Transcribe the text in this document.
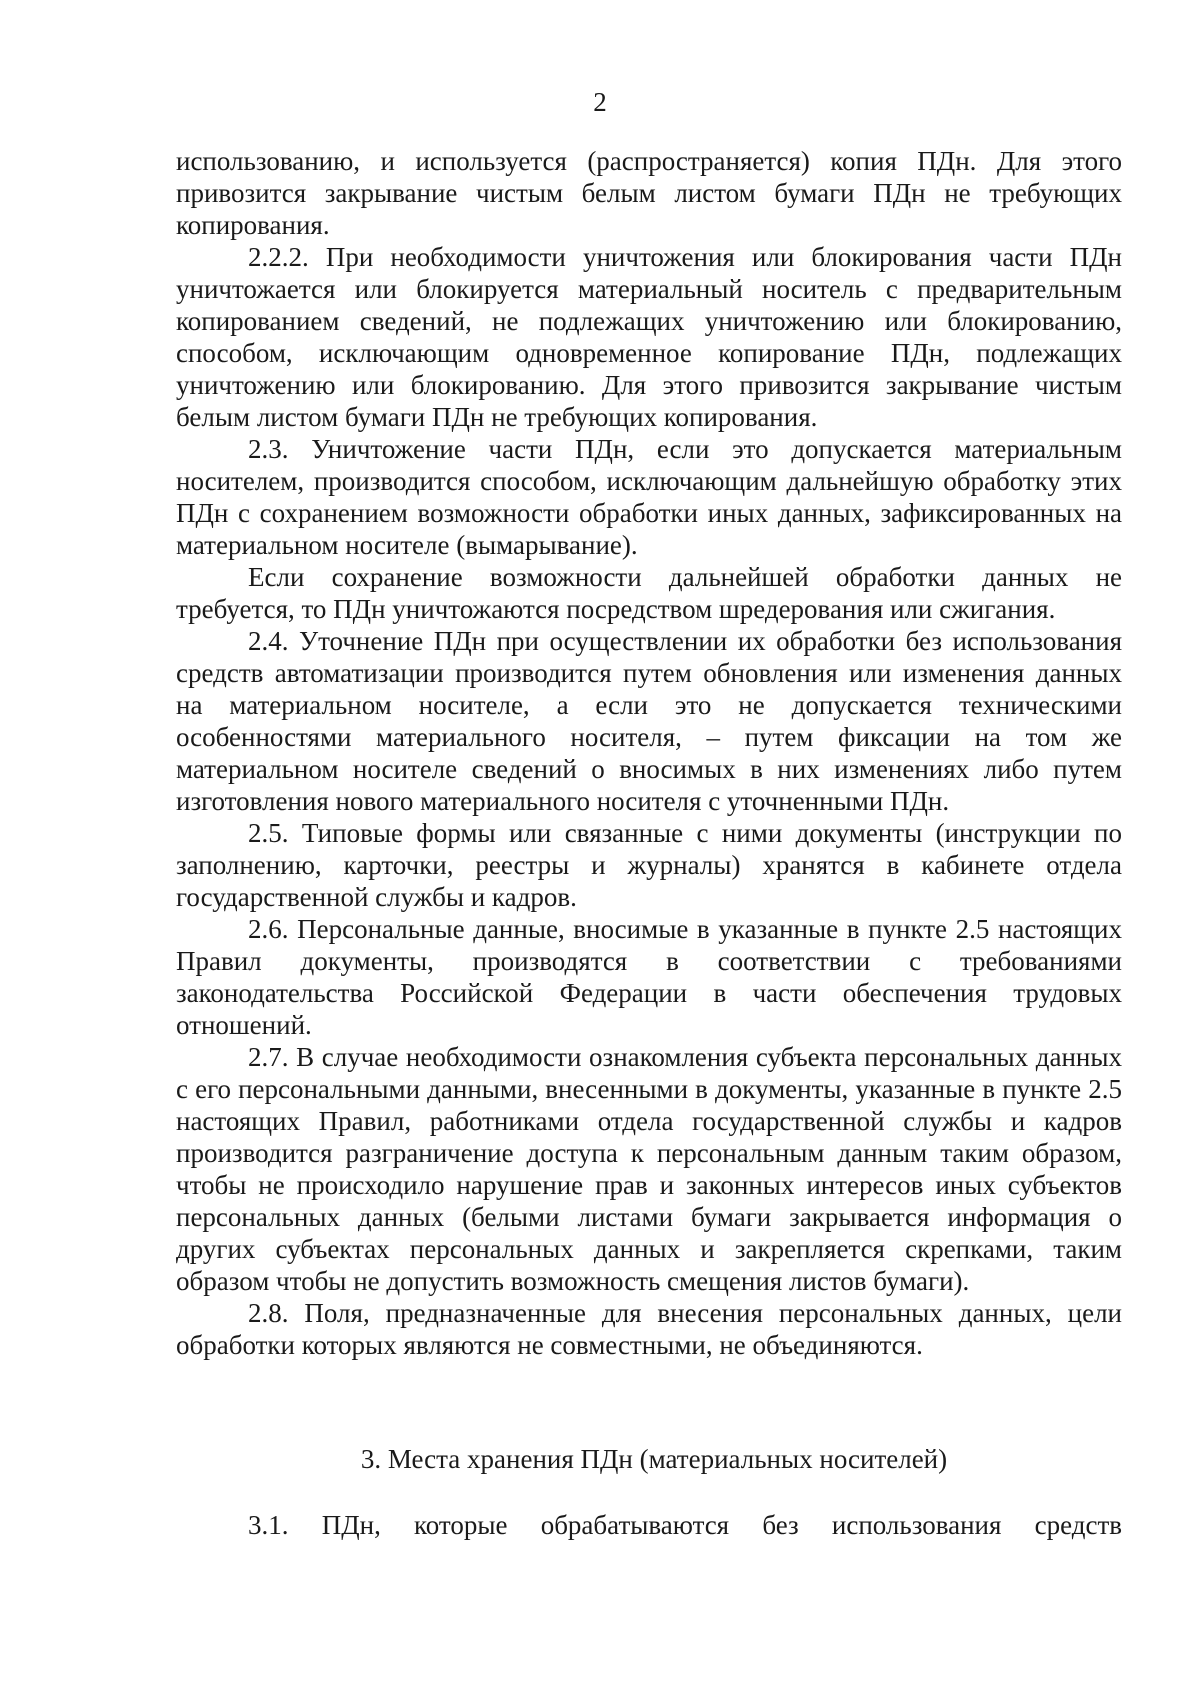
2

использованию, и используется (распространяется) копия ПДн. Для этого привозится закрывание чистым белым листом бумаги ПДн не требующих копирования.

2.2.2. При необходимости уничтожения или блокирования части ПДн уничтожается или блокируется материальный носитель с предварительным копированием сведений, не подлежащих уничтожению или блокированию, способом, исключающим одновременное копирование ПДн, подлежащих уничтожению или блокированию. Для этого привозится закрывание чистым белым листом бумаги ПДн не требующих копирования.

2.3. Уничтожение части ПДн, если это допускается материальным носителем, производится способом, исключающим дальнейшую обработку этих ПДн с сохранением возможности обработки иных данных, зафиксированных на материальном носителе (вымарывание).

Если сохранение возможности дальнейшей обработки данных не требуется, то ПДн уничтожаются посредством шредерования или сжигания.

2.4. Уточнение ПДн при осуществлении их обработки без использования средств автоматизации производится путем обновления или изменения данных на материальном носителе, а если это не допускается техническими особенностями материального носителя, – путем фиксации на том же материальном носителе сведений о вносимых в них изменениях либо путем изготовления нового материального носителя с уточненными ПДн.

2.5. Типовые формы или связанные с ними документы (инструкции по заполнению, карточки, реестры и журналы) хранятся в кабинете отдела государственной службы и кадров.

2.6. Персональные данные, вносимые в указанные в пункте 2.5 настоящих Правил документы, производятся в соответствии с требованиями законодательства Российской Федерации в части обеспечения трудовых отношений.

2.7. В случае необходимости ознакомления субъекта персональных данных с его персональными данными, внесенными в документы, указанные в пункте 2.5 настоящих Правил, работниками отдела государственной службы и кадров производится разграничение доступа к персональным данным таким образом, чтобы не происходило нарушение прав и законных интересов иных субъектов персональных данных (белыми листами бумаги закрывается информация о других субъектах персональных данных и закрепляется скрепками, таким образом чтобы не допустить возможность смещения листов бумаги).

2.8. Поля, предназначенные для внесения персональных данных, цели обработки которых являются не совместными, не объединяются.

3. Места хранения ПДн (материальных носителей)

3.1. ПДн, которые обрабатываются без использования средств
